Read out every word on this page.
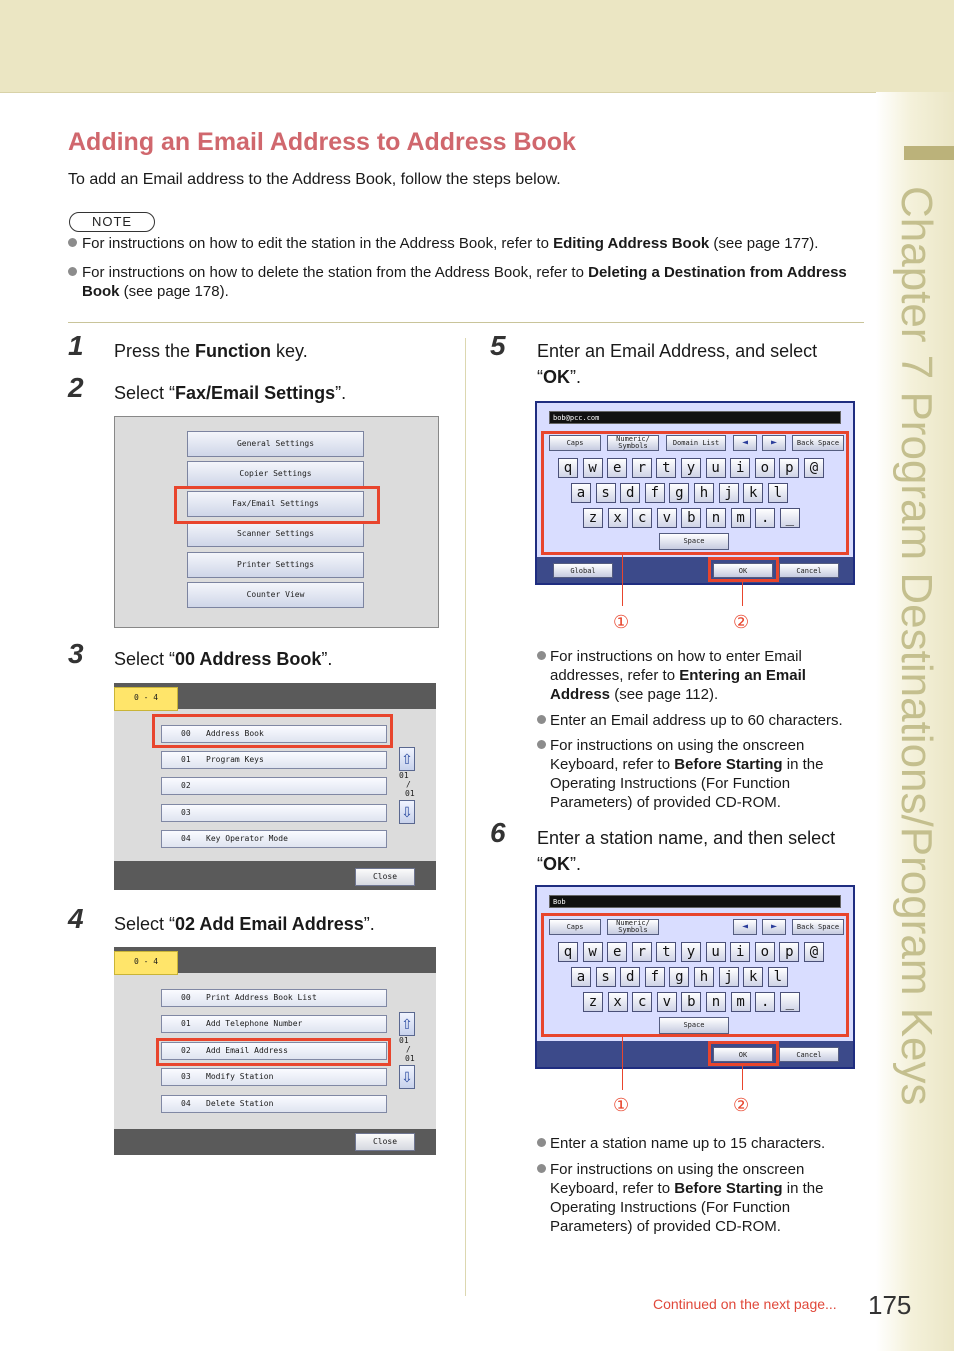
Chapter 7 Program Destinations/Program Keys
Adding an Email Address to Address Book
To add an Email address to the Address Book, follow the steps below.
NOTE
For instructions on how to edit the station in the Address Book, refer to Editing Address Book (see page 177).
For instructions on how to delete the station from the Address Book, refer to Deleting a Destination from Address Book (see page 178).
1 Press the Function key.
2 Select “Fax/Email Settings”.
General Settings
Copier Settings
Fax/Email Settings
Scanner Settings
Printer Settings
Counter View
3 Select “00 Address Book”.
0 - 4
00 Address Book
01 Program Keys
02
03
04 Key Operator Mode
⇧
01
/
01
⇩
Close
4 Select “02 Add Email Address”.
0 - 4
00 Print Address Book List
01 Add Telephone Number
02 Add Email Address
03 Modify Station
04 Delete Station
⇧
01
/
01
⇩
Close
5 Enter an Email Address, and select “OK”.
bob@pcc.com
Caps	Numeric/
Symbols	Domain List	◄	►	Back Space
q	w	e	r	t	y	u	i	o	p	@
a	s	d	f	g	h	j	k	l
z	x	c	v	b	n	m	.	_
Space
Global	OK	Cancel
①	②
For instructions on how to enter Email addresses, refer to Entering an Email Address (see page 112).
Enter an Email address up to 60 characters.
For instructions on using the onscreen Keyboard, refer to Before Starting in the Operating Instructions (For Function Parameters) of provided CD-ROM.
6 Enter a station name, and then select “OK”.
Bob
Caps	Numeric/
Symbols	◄	►	Back Space
q	w	e	r	t	y	u	i	o	p	@
a	s	d	f	g	h	j	k	l
z	x	c	v	b	n	m	.	_
Space
OK	Cancel
①	②
Enter a station name up to 15 characters.
For instructions on using the onscreen Keyboard, refer to Before Starting in the Operating Instructions (For Function Parameters) of provided CD-ROM.
Continued on the next page... 175
